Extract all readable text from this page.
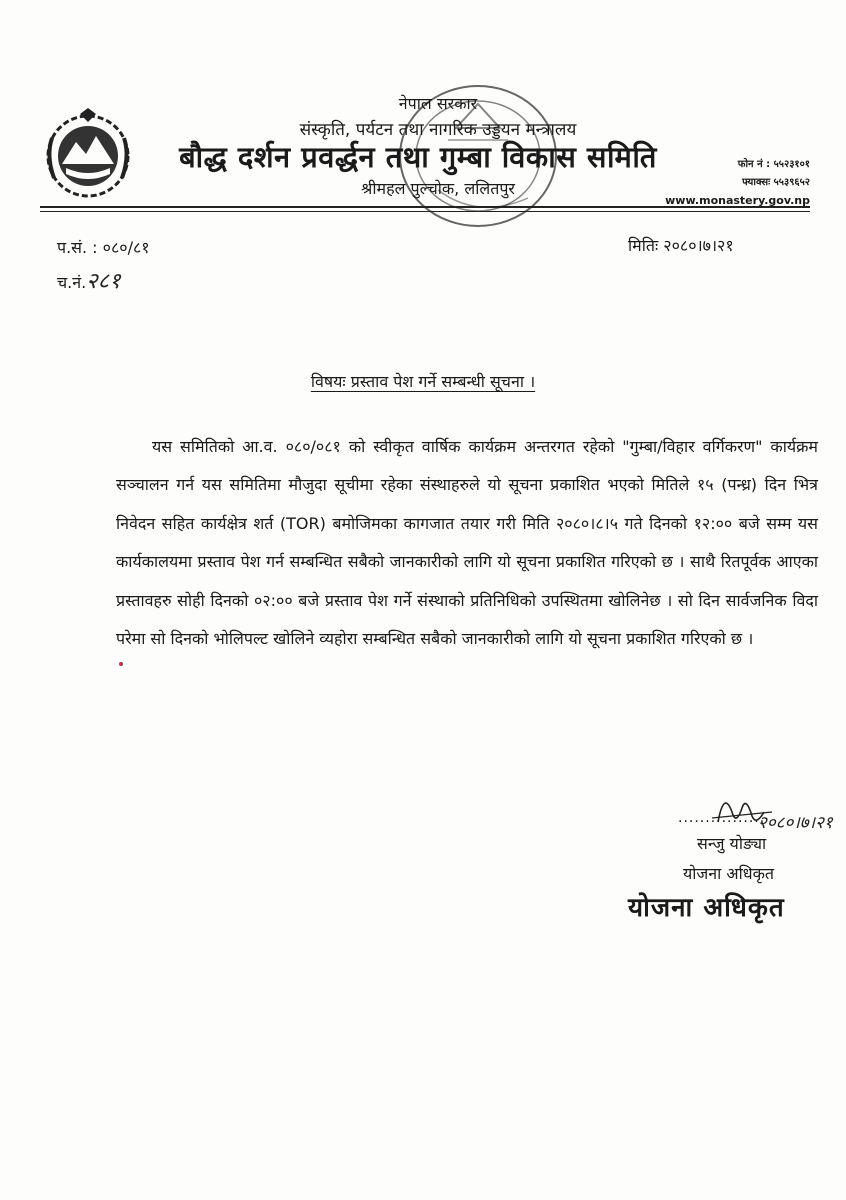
नेपाल सरकार
संस्कृति, पर्यटन तथा नागरिक उड्डयन मन्त्रालय
बौद्ध दर्शन प्रवर्द्धन तथा गुम्बा विकास समिति
श्रीमहल पुल्चोक, ललितपुर
फोन नं : ५५२३१०१
फ्याक्सः ५५३९६५२
www.monastery.gov.np
प.सं. : ०८०/८१	मितिः २०८०।७।२१
च.नं.२८१
विषयः प्रस्ताव पेश गर्ने सम्बन्धी सूचना ।
यस समितिको आ.व. ०८०/०८१ को स्वीकृत वार्षिक कार्यक्रम अन्तरगत रहेको "गुम्बा/विहार वर्गिकरण" कार्यक्रम सञ्चालन गर्न यस समितिमा मौजुदा सूचीमा रहेका संस्थाहरुले यो सूचना प्रकाशित भएको मितिले १५ (पन्ध्र) दिन भित्र निवेदन सहित कार्यक्षेत्र शर्त (TOR) बमोजिमका कागजात तयार गरी मिति २०८०।८।५ गते दिनको १२:०० बजे सम्म यस कार्यकालयमा प्रस्ताव पेश गर्न सम्बन्धित सबैको जानकारीको लागि यो सूचना प्रकाशित गरिएको छ । साथै रितपूर्वक आएका प्रस्तावहरु सोही दिनको ०२:०० बजे प्रस्ताव पेश गर्ने संस्थाको प्रतिनिधिको उपस्थितमा खोलिनेछ । सो दिन सार्वजनिक विदा परेमा सो दिनको भोलिपल्ट खोलिने व्यहोरा सम्बन्धित सबैको जानकारीको लागि यो सूचना प्रकाशित गरिएको छ ।
२०८०।७।२१
................
सन्जु योङ्या
योजना अधिकृत
योजना अधिकृत
